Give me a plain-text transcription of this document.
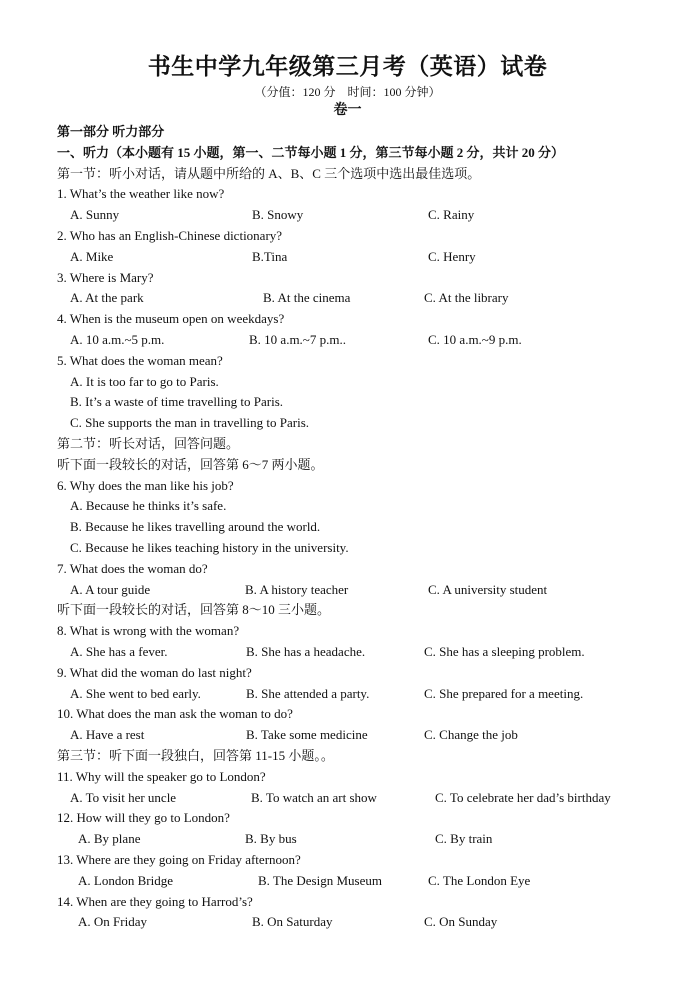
书生中学九年级第三月考（英语）试卷
（分值：120 分    时间：100 分钟）
卷一
第一部分 听力部分
一、听力（本小题有 15 小题，第一、二节每小题 1 分，第三节每小题 2 分，共计 20 分）
第一节：听小对话，请从题中所给的 A、B、C 三个选项中选出最佳选项。
1. What’s the weather like now?
A. Sunny	B. Snowy	C. Rainy
2. Who has an English-Chinese dictionary?
A. Mike	B.Tina	C. Henry
3. Where is Mary?
A. At the park	B. At the cinema	C. At the library
4. When is the museum open on weekdays?
A. 10 a.m.~5 p.m.	B. 10 a.m.~7 p.m..	C. 10 a.m.~9 p.m.
5. What does the woman mean?
A. It is too far to go to Paris.
B. It’s a waste of time travelling to Paris.
C. She supports the man in travelling to Paris.
第二节：听长对话，回答问题。
听下面一段较长的对话，回答第 6～7 两小题。
6. Why does the man like his job?
A. Because he thinks it’s safe.
B. Because he likes travelling around the world.
C. Because he likes teaching history in the university.
7. What does the woman do?
A. A tour guide	B. A history teacher	C. A university student
听下面一段较长的对话，回答第 8～10 三小题。
8. What is wrong with the woman?
A. She has a fever.	B. She has a headache.	C. She has a sleeping problem.
9. What did the woman do last night?
A. She went to bed early.	B. She attended a party.	C. She prepared for a meeting.
10. What does the man ask the woman to do?
A. Have a rest	B. Take some medicine	C. Change the job
第三节：听下面一段独白，回答第 11-15 小题。。
11. Why will the speaker go to London?
A. To visit her uncle	B. To watch an art show	C. To celebrate her dad’s birthday
12. How will they go to London?
A. By plane	B. By bus	C. By train
13. Where are they going on Friday afternoon?
A. London Bridge	B. The Design Museum	C. The London Eye
14. When are they going to Harrod’s?
A. On Friday	B. On Saturday	C. On Sunday
